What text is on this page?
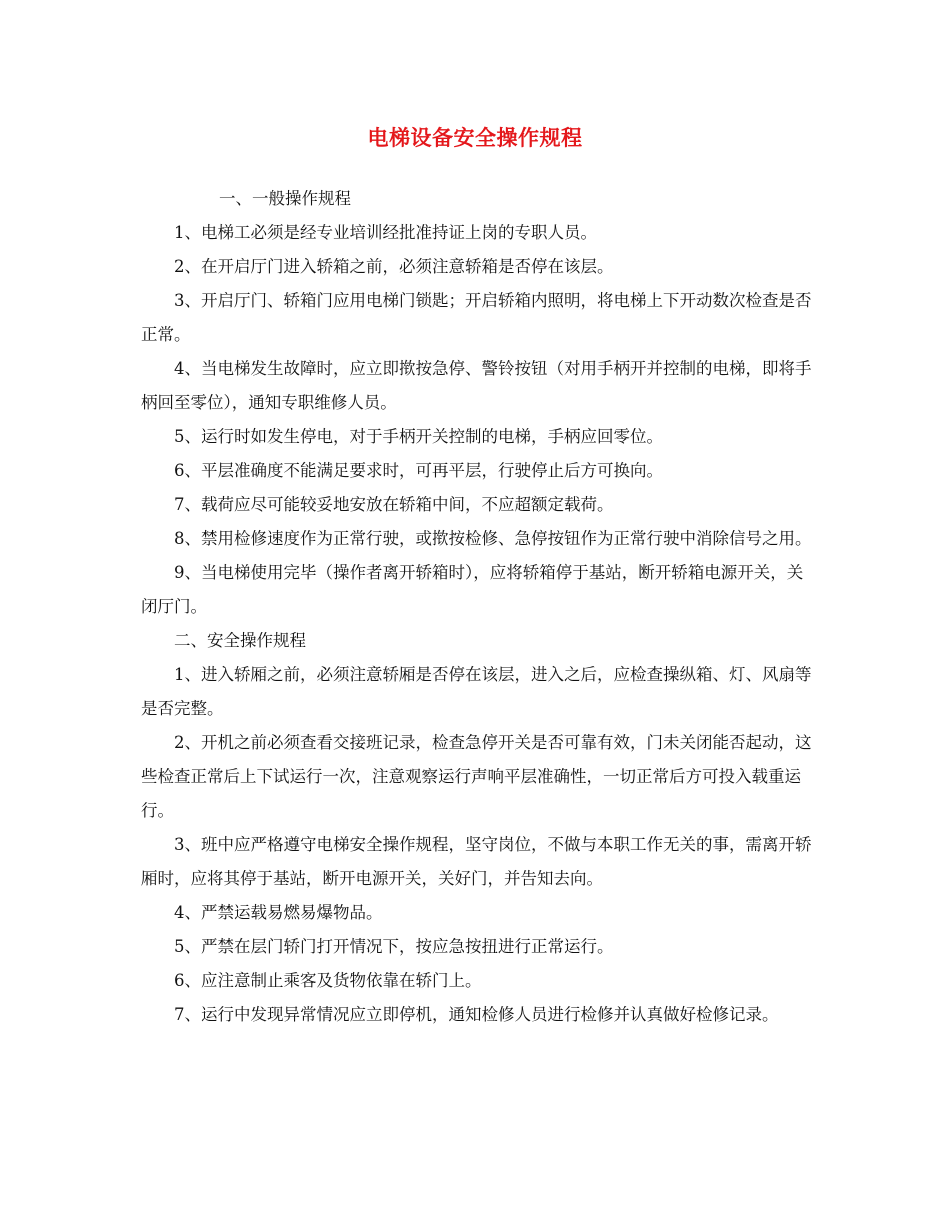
电梯设备安全操作规程

一、一般操作规程

1、电梯工必须是经专业培训经批准持证上岗的专职人员。

2、在开启厅门进入轿箱之前，必须注意轿箱是否停在该层。

3、开启厅门、轿箱门应用电梯门锁匙；开启轿箱内照明，将电梯上下开动数次检查是否正常。

4、当电梯发生故障时，应立即揿按急停、警铃按钮（对用手柄开并控制的电梯，即将手柄回至零位），通知专职维修人员。

5、运行时如发生停电，对于手柄开关控制的电梯，手柄应回零位。

6、平层准确度不能满足要求时，可再平层，行驶停止后方可换向。

7、载荷应尽可能较妥地安放在轿箱中间，不应超额定载荷。

8、禁用检修速度作为正常行驶，或揿按检修、急停按钮作为正常行驶中消除信号之用。

9、当电梯使用完毕（操作者离开轿箱时），应将轿箱停于基站，断开轿箱电源开关，关闭厅门。

二、安全操作规程

1、进入轿厢之前，必须注意轿厢是否停在该层，进入之后，应检查操纵箱、灯、风扇等是否完整。

2、开机之前必须查看交接班记录，检查急停开关是否可靠有效，门未关闭能否起动，这些检查正常后上下试运行一次，注意观察运行声响平层准确性，一切正常后方可投入载重运行。

3、班中应严格遵守电梯安全操作规程，坚守岗位，不做与本职工作无关的事，需离开轿厢时，应将其停于基站，断开电源开关，关好门，并告知去向。

4、严禁运载易燃易爆物品。

5、严禁在层门轿门打开情况下，按应急按扭进行正常运行。

6、应注意制止乘客及货物依靠在轿门上。

7、运行中发现异常情况应立即停机，通知检修人员进行检修并认真做好检修记录。
